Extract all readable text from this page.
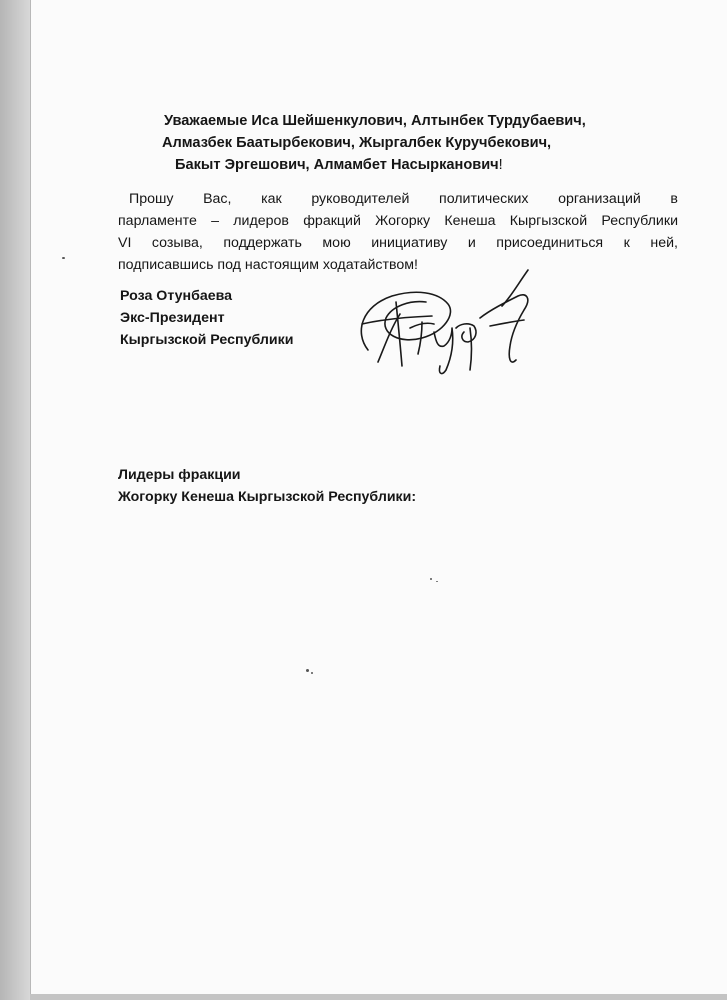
Уважаемые Иса Шейшенкулович, Алтынбек Турдубаевич,
Алмазбек Баатырбекович, Жыргалбек Куручбекович,
Бакыт Эргешович, Алмамбет Насырканович!
Прошу Вас, как руководителей политических организаций в
парламенте – лидеров фракций Жогорку Кенеша Кыргызской Республики
VI созыва, поддержать мою инициативу и присоединиться к ней,
подписавшись под настоящим ходатайством!
Роза Отунбаева
Экс-Президент
Кыргызской Республики
Лидеры фракции
Жогорку Кенеша Кыргызской Республики:
